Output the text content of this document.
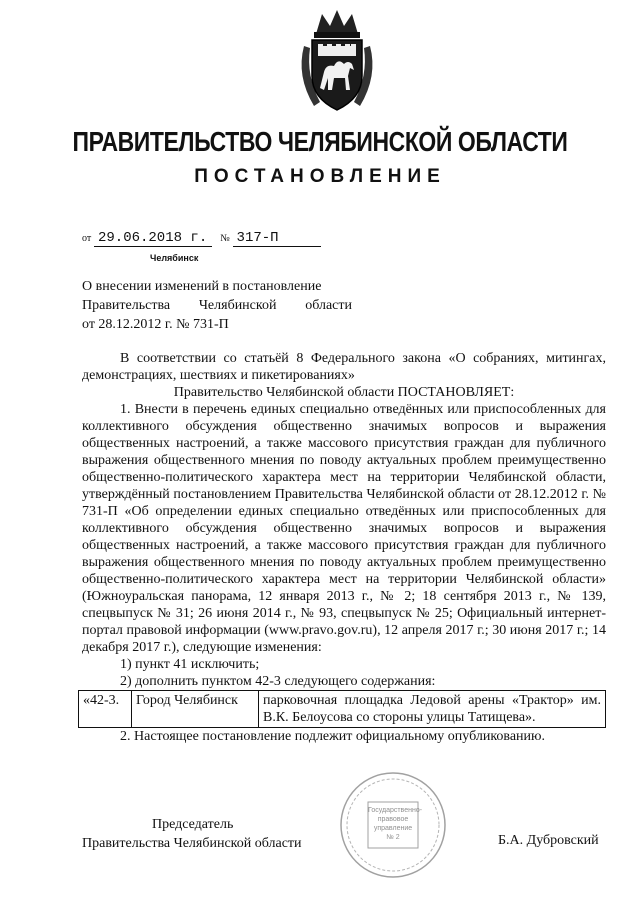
ПРАВИТЕЛЬСТВО ЧЕЛЯБИНСКОЙ ОБЛАСТИ
ПОСТАНОВЛЕНИЕ
от 29.06.2018 г. № 317-П
Челябинск
О внесении изменений в постановление
Правительства Челябинской области
от 28.12.2012 г. № 731-П

В соответствии со статьёй 8 Федерального закона «О собраниях, митингах, демонстрациях, шествиях и пикетированиях»

Правительство Челябинской области ПОСТАНОВЛЯЕТ:

1. Внести в перечень единых специально отведённых или приспособленных для коллективного обсуждения общественно значимых вопросов и выражения общественных настроений, а также массового присутствия граждан для публичного выражения общественного мнения по поводу актуальных проблем преимущественно общественно-политического характера мест на территории Челябинской области, утверждённый постановлением Правительства Челябинской области от 28.12.2012 г. № 731-П «Об определении единых специально отведённых или приспособленных для коллективного обсуждения общественно значимых вопросов и выражения общественных настроений, а также массового присутствия граждан для публичного выражения общественного мнения по поводу актуальных проблем преимущественно общественно-политического характера мест на территории Челябинской области» (Южноуральская панорама, 12 января 2013 г., № 2; 18 сентября 2013 г., № 139, спецвыпуск № 31; 26 июня 2014 г., № 93, спецвыпуск № 25; Официальный интернет-портал правовой информации (www.pravo.gov.ru), 12 апреля 2017 г.; 30 июня 2017 г.; 14 декабря 2017 г.), следующие изменения:

1) пункт 41 исключить;

2) дополнить пунктом 42-3 следующего содержания:

«42-3.	Город Челябинск	парковочная площадка Ледовой арены «Трактор» им. В.К. Белоусова со стороны улицы Татищева».

2. Настоящее постановление подлежит официальному опубликованию.

Председатель
Правительства Челябинской области	Б.А. Дубровский
Государственно-
правовое
управление
№ 2
